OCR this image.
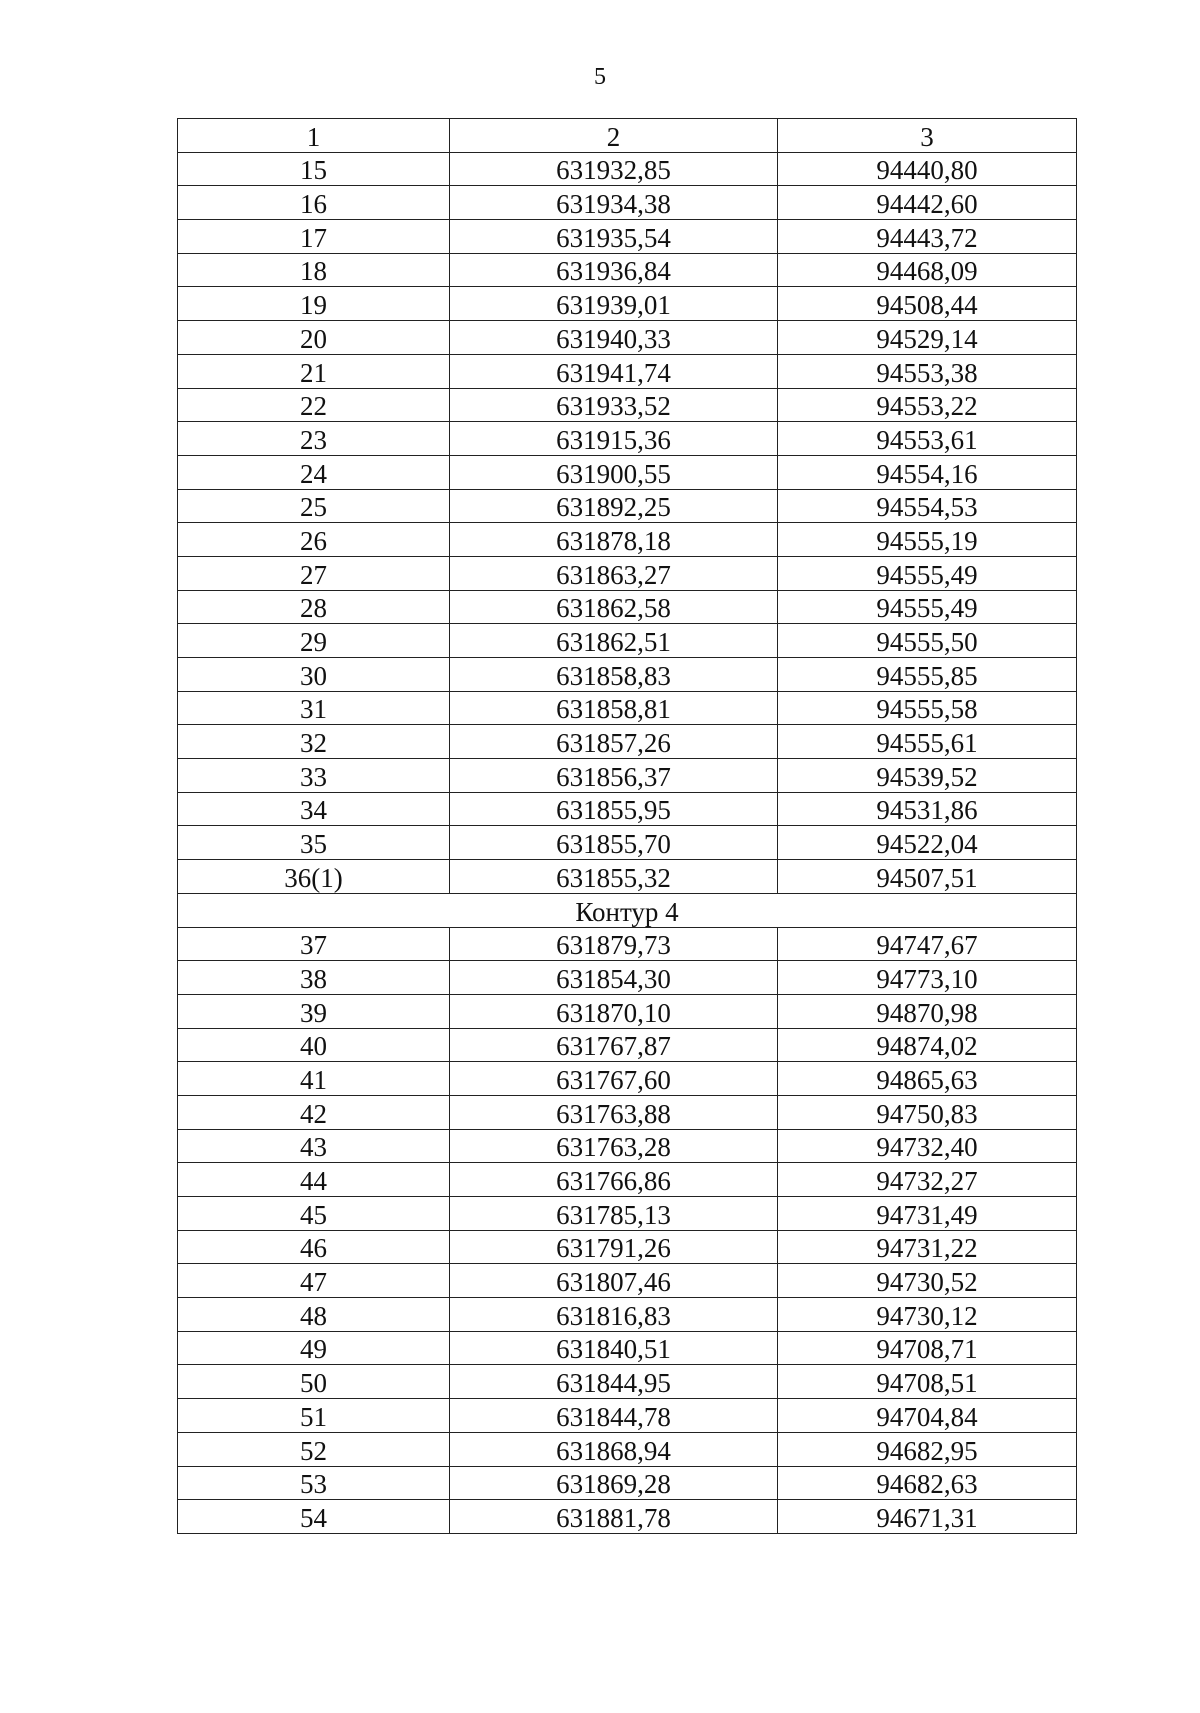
5
1	2	3
15	631932,85	94440,80
16	631934,38	94442,60
17	631935,54	94443,72
18	631936,84	94468,09
19	631939,01	94508,44
20	631940,33	94529,14
21	631941,74	94553,38
22	631933,52	94553,22
23	631915,36	94553,61
24	631900,55	94554,16
25	631892,25	94554,53
26	631878,18	94555,19
27	631863,27	94555,49
28	631862,58	94555,49
29	631862,51	94555,50
30	631858,83	94555,85
31	631858,81	94555,58
32	631857,26	94555,61
33	631856,37	94539,52
34	631855,95	94531,86
35	631855,70	94522,04
36(1)	631855,32	94507,51
Контур 4		
37	631879,73	94747,67
38	631854,30	94773,10
39	631870,10	94870,98
40	631767,87	94874,02
41	631767,60	94865,63
42	631763,88	94750,83
43	631763,28	94732,40
44	631766,86	94732,27
45	631785,13	94731,49
46	631791,26	94731,22
47	631807,46	94730,52
48	631816,83	94730,12
49	631840,51	94708,71
50	631844,95	94708,51
51	631844,78	94704,84
52	631868,94	94682,95
53	631869,28	94682,63
54	631881,78	94671,31
